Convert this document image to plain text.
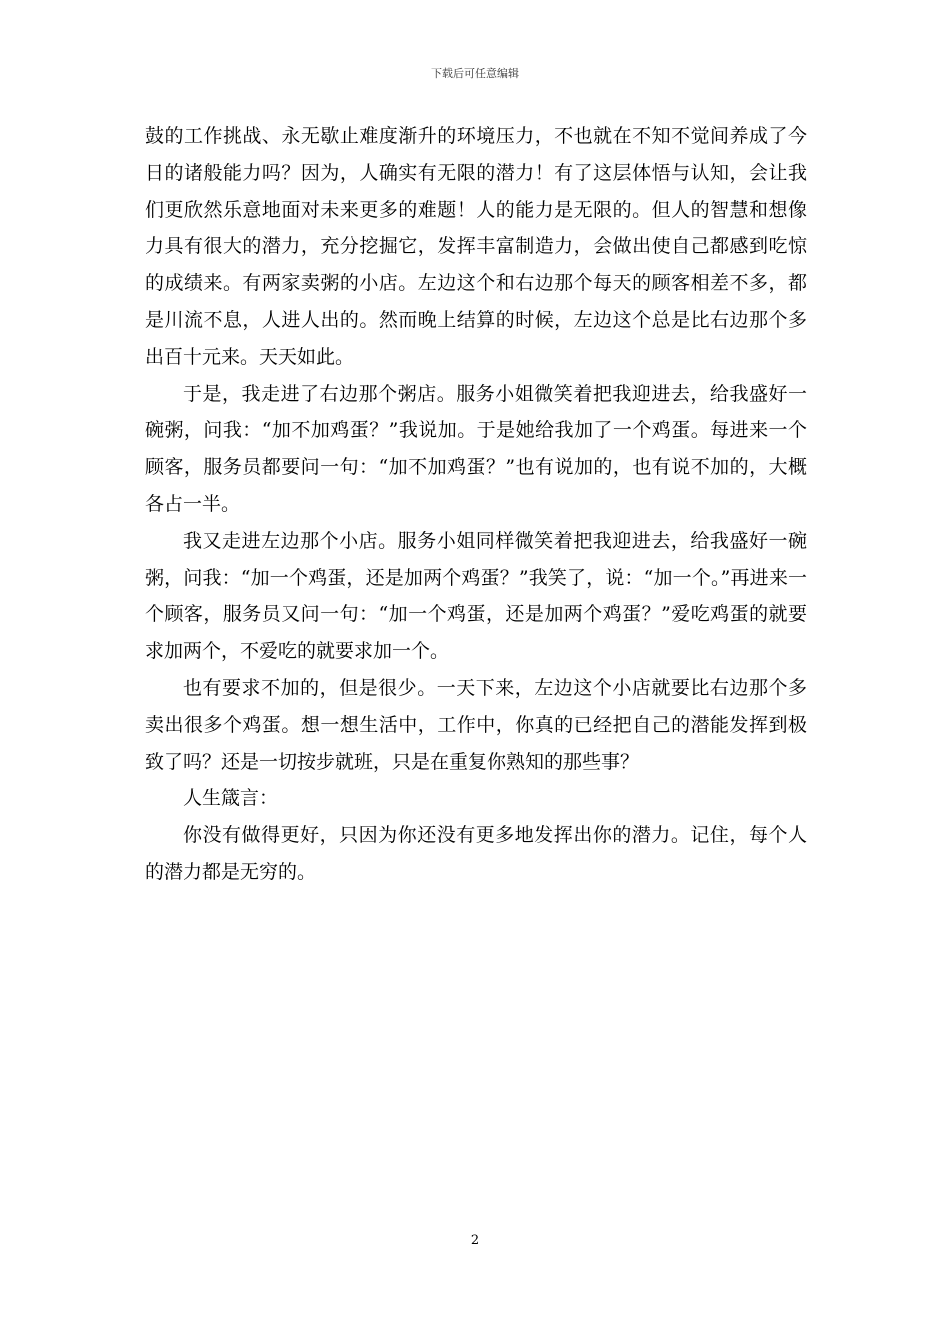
下载后可任意编辑

鼓的工作挑战、永无歇止难度渐升的环境压力，不也就在不知不觉间养成了今日的诸般能力吗？因为，人确实有无限的潜力！有了这层体悟与认知，会让我们更欣然乐意地面对未来更多的难题！人的能力是无限的。但人的智慧和想像力具有很大的潜力，充分挖掘它，发挥丰富制造力，会做出使自己都感到吃惊的成绩来。有两家卖粥的小店。左边这个和右边那个每天的顾客相差不多，都是川流不息，人进人出的。然而晚上结算的时候，左边这个总是比右边那个多出百十元来。天天如此。

于是，我走进了右边那个粥店。服务小姐微笑着把我迎进去，给我盛好一碗粥，问我：“加不加鸡蛋？”我说加。于是她给我加了一个鸡蛋。每进来一个顾客，服务员都要问一句：“加不加鸡蛋？”也有说加的，也有说不加的，大概各占一半。

我又走进左边那个小店。服务小姐同样微笑着把我迎进去，给我盛好一碗粥，问我：“加一个鸡蛋，还是加两个鸡蛋？”我笑了，说：“加一个。”再进来一个顾客，服务员又问一句：“加一个鸡蛋，还是加两个鸡蛋？”爱吃鸡蛋的就要求加两个，不爱吃的就要求加一个。

也有要求不加的，但是很少。一天下来，左边这个小店就要比右边那个多卖出很多个鸡蛋。想一想生活中，工作中，你真的已经把自己的潜能发挥到极致了吗？还是一切按步就班，只是在重复你熟知的那些事？

人生箴言：

你没有做得更好，只因为你还没有更多地发挥出你的潜力。记住，每个人的潜力都是无穷的。

2
